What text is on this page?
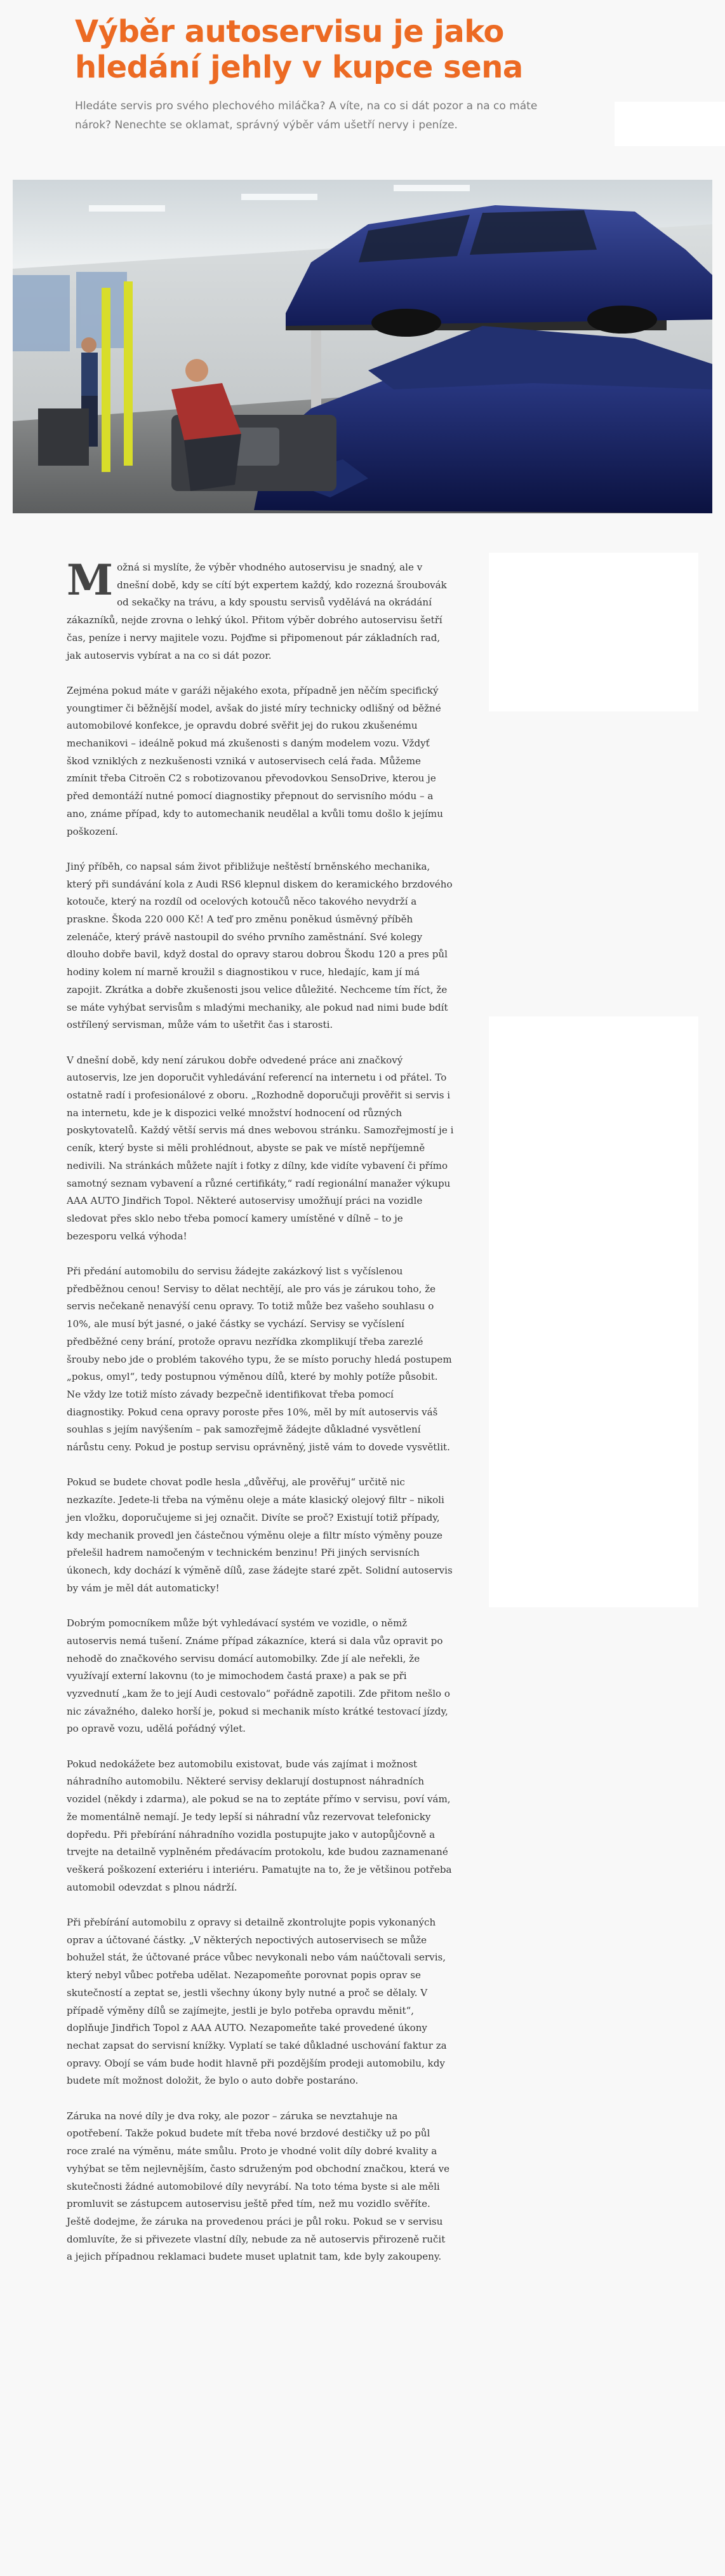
Výběr autoservisu je jako hledání jehly v kupce sena

Hledáte servis pro svého plechového miláčka? A víte, na co si dát pozor a na co máte nárok? Nenechte se oklamat, správný výběr vám ušetří nervy i peníze.

Možná si myslíte, že výběr vhodného autoservisu je snadný, ale v dnešní době, kdy se cítí být expertem každý, kdo rozezná šroubovák od sekačky na trávu, a kdy spoustu servisů vydělává na okrádání zákazníků, nejde zrovna o lehký úkol. Přitom výběr dobrého autoservisu šetří čas, peníze i nervy majitele vozu. Pojďme si připomenout pár základních rad, jak autoservis vybírat a na co si dát pozor.

Zejména pokud máte v garáži nějakého exota, případně jen něčím specifický youngtimer či běžnější model, avšak do jisté míry technicky odlišný od běžné automobilové konfekce, je opravdu dobré svěřit jej do rukou zkušenému mechanikovi – ideálně pokud má zkušenosti s daným modelem vozu. Vždyť škod vzniklých z nezkušenosti vzniká v autoservisech celá řada. Můžeme zmínit třeba Citroën C2 s robotizovanou převodovkou SensoDrive, kterou je před demontáží nutné pomocí diagnostiky přepnout do servisního módu – a ano, známe případ, kdy to automechanik neudělal a kvůli tomu došlo k jejímu poškození.

Jiný příběh, co napsal sám život přibližuje neštěstí brněnského mechanika, který při sundávání kola z Audi RS6 klepnul diskem do keramického brzdového kotouče, který na rozdíl od ocelových kotoučů něco takového nevydrží a praskne. Škoda 220 000 Kč! A teď pro změnu poněkud úsměvný příběh zelenáče, který právě nastoupil do svého prvního zaměstnání. Své kolegy dlouho dobře bavil, když dostal do opravy starou dobrou Škodu 120 a pres půl hodiny kolem ní marně kroužil s diagnostikou v ruce, hledajíc, kam jí má zapojit. Zkrátka a dobře zkušenosti jsou velice důležité. Nechceme tím říct, že se máte vyhýbat servisům s mladými mechaniky, ale pokud nad nimi bude bdít ostřílený servisman, může vám to ušetřit čas i starosti.

V dnešní době, kdy není zárukou dobře odvedené práce ani značkový autoservis, lze jen doporučit vyhledávání referencí na internetu i od přátel. To ostatně radí i profesionálové z oboru. „Rozhodně doporučuji prověřit si servis i na internetu, kde je k dispozici velké množství hodnocení od různých poskytovatelů. Každý větší servis má dnes webovou stránku. Samozřejmostí je i ceník, který byste si měli prohlédnout, abyste se pak ve místě nepříjemně nedivili. Na stránkách můžete najít i fotky z dílny, kde vidíte vybavení či přímo samotný seznam vybavení a různé certifikáty,“ radí regionální manažer výkupu AAA AUTO Jindřich Topol. Některé autoservisy umožňují práci na vozidle sledovat přes sklo nebo třeba pomocí kamery umístěné v dílně – to je bezesporu velká výhoda!

Při předání automobilu do servisu žádejte zakázkový list s vyčíslenou předběžnou cenou! Servisy to dělat nechtějí, ale pro vás je zárukou toho, že servis nečekaně nenavýší cenu opravy. To totiž může bez vašeho souhlasu o 10%, ale musí být jasné, o jaké částky se vychází. Servisy se vyčíslení předběžné ceny brání, protože opravu nezřídka zkomplikují třeba zarezlé šrouby nebo jde o problém takového typu, že se místo poruchy hledá postupem „pokus, omyl“, tedy postupnou výměnou dílů, které by mohly potíže působit. Ne vždy lze totiž místo závady bezpečně identifikovat třeba pomocí diagnostiky. Pokud cena opravy poroste přes 10%, měl by mít autoservis váš souhlas s jejím navýšením – pak samozřejmě žádejte důkladné vysvětlení nárůstu ceny. Pokud je postup servisu oprávněný, jistě vám to dovede vysvětlit.

Pokud se budete chovat podle hesla „důvěřuj, ale prověřuj“ určitě nic nezkazíte. Jedete-li třeba na výměnu oleje a máte klasický olejový filtr – nikoli jen vložku, doporučujeme si jej označit. Divíte se proč? Existují totiž případy, kdy mechanik provedl jen částečnou výměnu oleje a filtr místo výměny pouze přelešil hadrem namočeným v technickém benzinu! Při jiných servisních úkonech, kdy dochází k výměně dílů, zase žádejte staré zpět. Solidní autoservis by vám je měl dát automaticky!

Dobrým pomocníkem může být vyhledávací systém ve vozidle, o němž autoservis nemá tušení. Známe případ zákazníce, která si dala vůz opravit po nehodě do značkového servisu domácí automobilky. Zde jí ale neřekli, že využívají externí lakovnu (to je mimochodem častá praxe) a pak se při vyzvednutí „kam že to její Audi cestovalo“ pořádně zapotili. Zde přitom nešlo o nic závažného, daleko horší je, pokud si mechanik místo krátké testovací jízdy, po opravě vozu, udělá pořádný výlet.

Pokud nedokážete bez automobilu existovat, bude vás zajímat i možnost náhradního automobilu. Některé servisy deklarují dostupnost náhradních vozidel (někdy i zdarma), ale pokud se na to zeptáte přímo v servisu, poví vám, že momentálně nemají. Je tedy lepší si náhradní vůz rezervovat telefonicky dopředu. Při přebírání náhradního vozidla postupujte jako v autopůjčovně a trvejte na detailně vyplněném předávacím protokolu, kde budou zaznamenané veškerá poškození exteriéru i interiéru. Pamatujte na to, že je většinou potřeba automobil odevzdat s plnou nádrží.

Při přebírání automobilu z opravy si detailně zkontrolujte popis vykonaných oprav a účtované částky. „V některých nepoctivých autoservisech se může bohužel stát, že účtované práce vůbec nevykonali nebo vám naúčtovali servis, který nebyl vůbec potřeba udělat. Nezapomeňte porovnat popis oprav se skutečností a zeptat se, jestli všechny úkony byly nutné a proč se dělaly. V případě výměny dílů se zajímejte, jestli je bylo potřeba opravdu měnit“, doplňuje Jindřich Topol z AAA AUTO. Nezapomeňte také provedené úkony nechat zapsat do servisní knížky. Vyplatí se také důkladné uschování faktur za opravy. Obojí se vám bude hodit hlavně při pozdějším prodeji automobilu, kdy budete mít možnost doložit, že bylo o auto dobře postaráno.

Záruka na nové díly je dva roky, ale pozor – záruka se nevztahuje na opotřebení. Takže pokud budete mít třeba nové brzdové destičky už po půl roce zralé na výměnu, máte smůlu. Proto je vhodné volit díly dobré kvality a vyhýbat se těm nejlevnějším, často sdruženým pod obchodní značkou, která ve skutečnosti žádné automobilové díly nevyrábí. Na toto téma byste si ale měli promluvit se zástupcem autoservisu ještě před tím, než mu vozidlo svěříte. Ještě dodejme, že záruka na provedenou práci je půl roku. Pokud se v servisu domluvíte, že si přivezete vlastní díly, nebude za ně autoservis přirozeně ručit a jejich případnou reklamaci budete muset uplatnit tam, kde byly zakoupeny.
